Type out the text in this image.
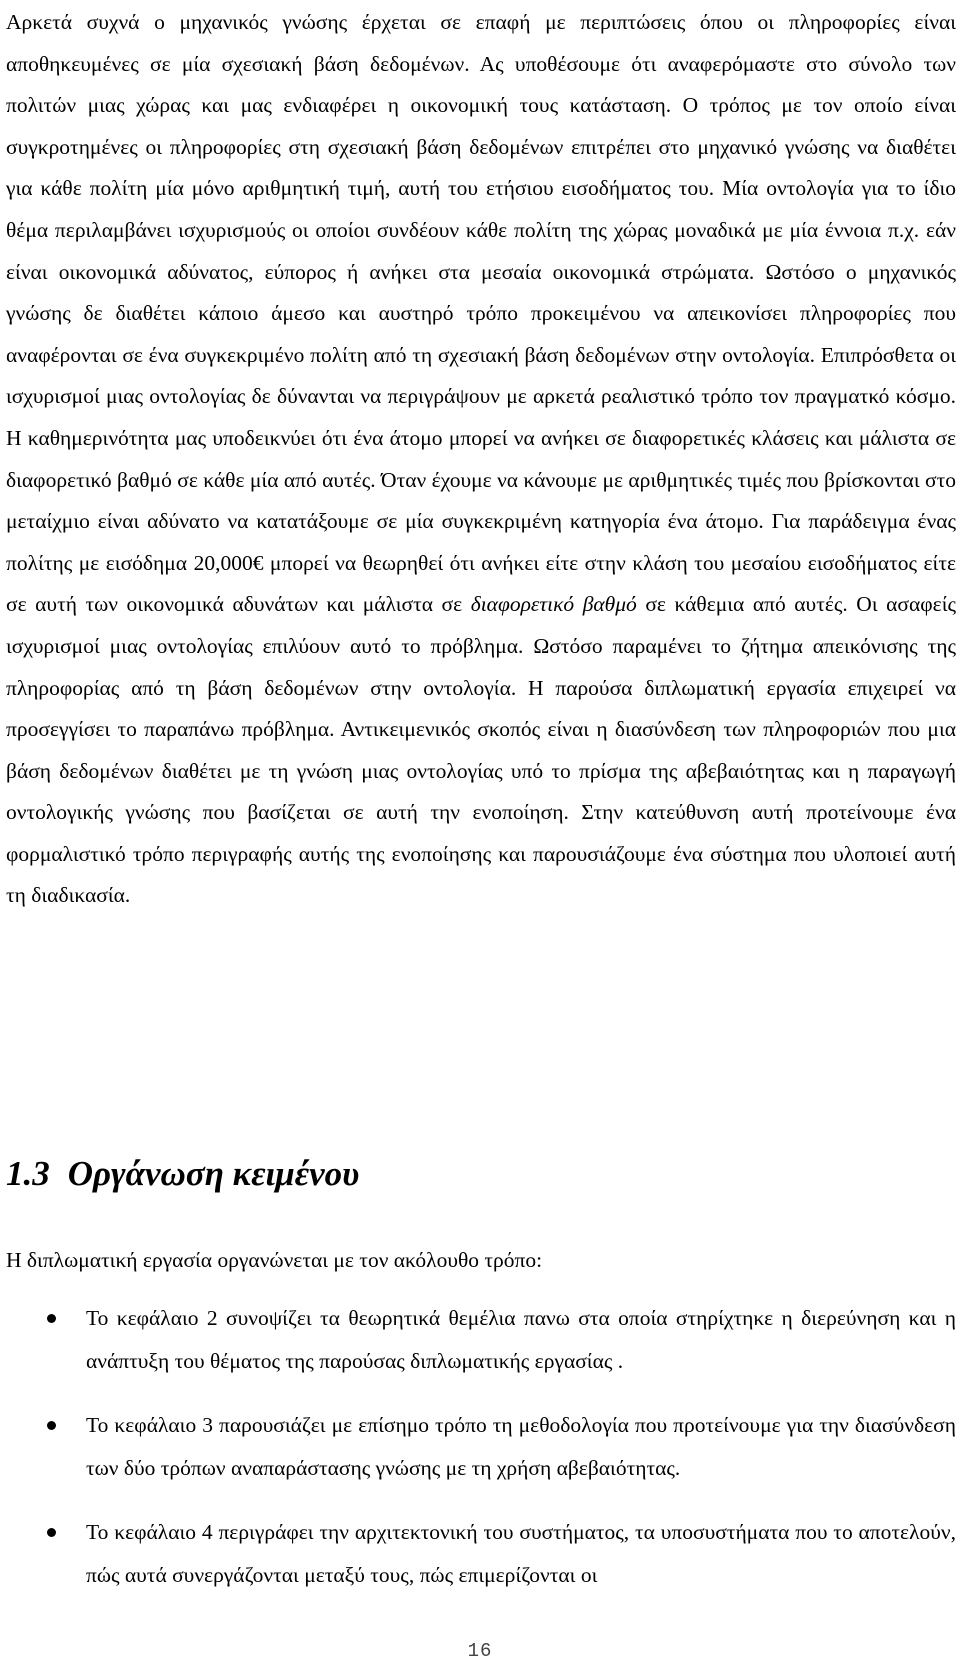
Αρκετά συχνά ο μηχανικός γνώσης έρχεται σε επαφή με περιπτώσεις όπου οι πληροφορίες είναι αποθηκευμένες σε μία σχεσιακή βάση δεδομένων. Ας υποθέσουμε ότι αναφερόμαστε στο σύνολο των πολιτών μιας χώρας και μας ενδιαφέρει η οικονομική τους κατάσταση. Ο τρόπος με τον οποίο είναι συγκροτημένες οι πληροφορίες στη σχεσιακή βάση δεδομένων επιτρέπει στο μηχανικό γνώσης να διαθέτει για κάθε πολίτη μία μόνο αριθμητική τιμή, αυτή του ετήσιου εισοδήματος του. Μία οντολογία για το ίδιο θέμα περιλαμβάνει ισχυρισμούς οι οποίοι συνδέουν κάθε πολίτη της χώρας μοναδικά με μία έννοια π.χ. εάν είναι οικονομικά αδύνατος, εύπορος ή ανήκει στα μεσαία οικονομικά στρώματα. Ωστόσο ο μηχανικός γνώσης δε διαθέτει κάποιο άμεσο και αυστηρό τρόπο προκειμένου να απεικονίσει πληροφορίες που αναφέρονται σε ένα συγκεκριμένο πολίτη από τη σχεσιακή βάση δεδομένων στην οντολογία. Επιπρόσθετα οι ισχυρισμοί μιας οντολογίας δε δύνανται να περιγράψουν με αρκετά ρεαλιστικό τρόπο τον πραγματκό κόσμο. Η καθημερινότητα μας υποδεικνύει ότι ένα άτομο μπορεί να ανήκει σε διαφορετικές κλάσεις και μάλιστα σε διαφορετικό βαθμό σε κάθε μία από αυτές. Όταν έχουμε να κάνουμε με αριθμητικές τιμές που βρίσκονται στο μεταίχμιο είναι αδύνατο να κατατάξουμε σε μία συγκεκριμένη κατηγορία ένα άτομο. Για παράδειγμα ένας πολίτης με εισόδημα 20,000€ μπορεί να θεωρηθεί ότι ανήκει είτε στην κλάση του μεσαίου εισοδήματος είτε σε αυτή των οικονομικά αδυνάτων και μάλιστα σε διαφορετικό βαθμό σε κάθεμια από αυτές. Οι ασαφείς ισχυρισμοί μιας οντολογίας επιλύουν αυτό το πρόβλημα. Ωστόσο παραμένει το ζήτημα απεικόνισης της πληροφορίας από τη βάση δεδομένων στην οντολογία. Η παρούσα διπλωματική εργασία επιχειρεί να προσεγγίσει το παραπάνω πρόβλημα. Αντικειμενικός σκοπός είναι η διασύνδεση των πληροφοριών που μια βάση δεδομένων διαθέτει με τη γνώση μιας οντολογίας υπό το πρίσμα της αβεβαιότητας και η παραγωγή οντολογικής γνώσης που βασίζεται σε αυτή την ενοποίηση. Στην κατεύθυνση αυτή προτείνουμε ένα φορμαλιστικό τρόπο περιγραφής αυτής της ενοποίησης και παρουσιάζουμε ένα σύστημα που υλοποιεί αυτή τη διαδικασία.

1.3 Οργάνωση κειμένου

Η διπλωματική εργασία οργανώνεται με τον ακόλουθο τρόπο:

Το κεφάλαιο 2 συνοψίζει τα θεωρητικά θεμέλια πανω στα οποία στηρίχτηκε η διερεύνηση και η ανάπτυξη του θέματος της παρούσας διπλωματικής εργασίας .
Το κεφάλαιο 3 παρουσιάζει με επίσημο τρόπο τη μεθοδολογία που προτείνουμε για την διασύνδεση των δύο τρόπων αναπαράστασης γνώσης με τη χρήση αβεβαιότητας.
Το κεφάλαιο 4 περιγράφει την αρχιτεκτονική του συστήματος, τα υποσυστήματα που το αποτελούν, πώς αυτά συνεργάζονται μεταξύ τους, πώς επιμερίζονται οι
16
